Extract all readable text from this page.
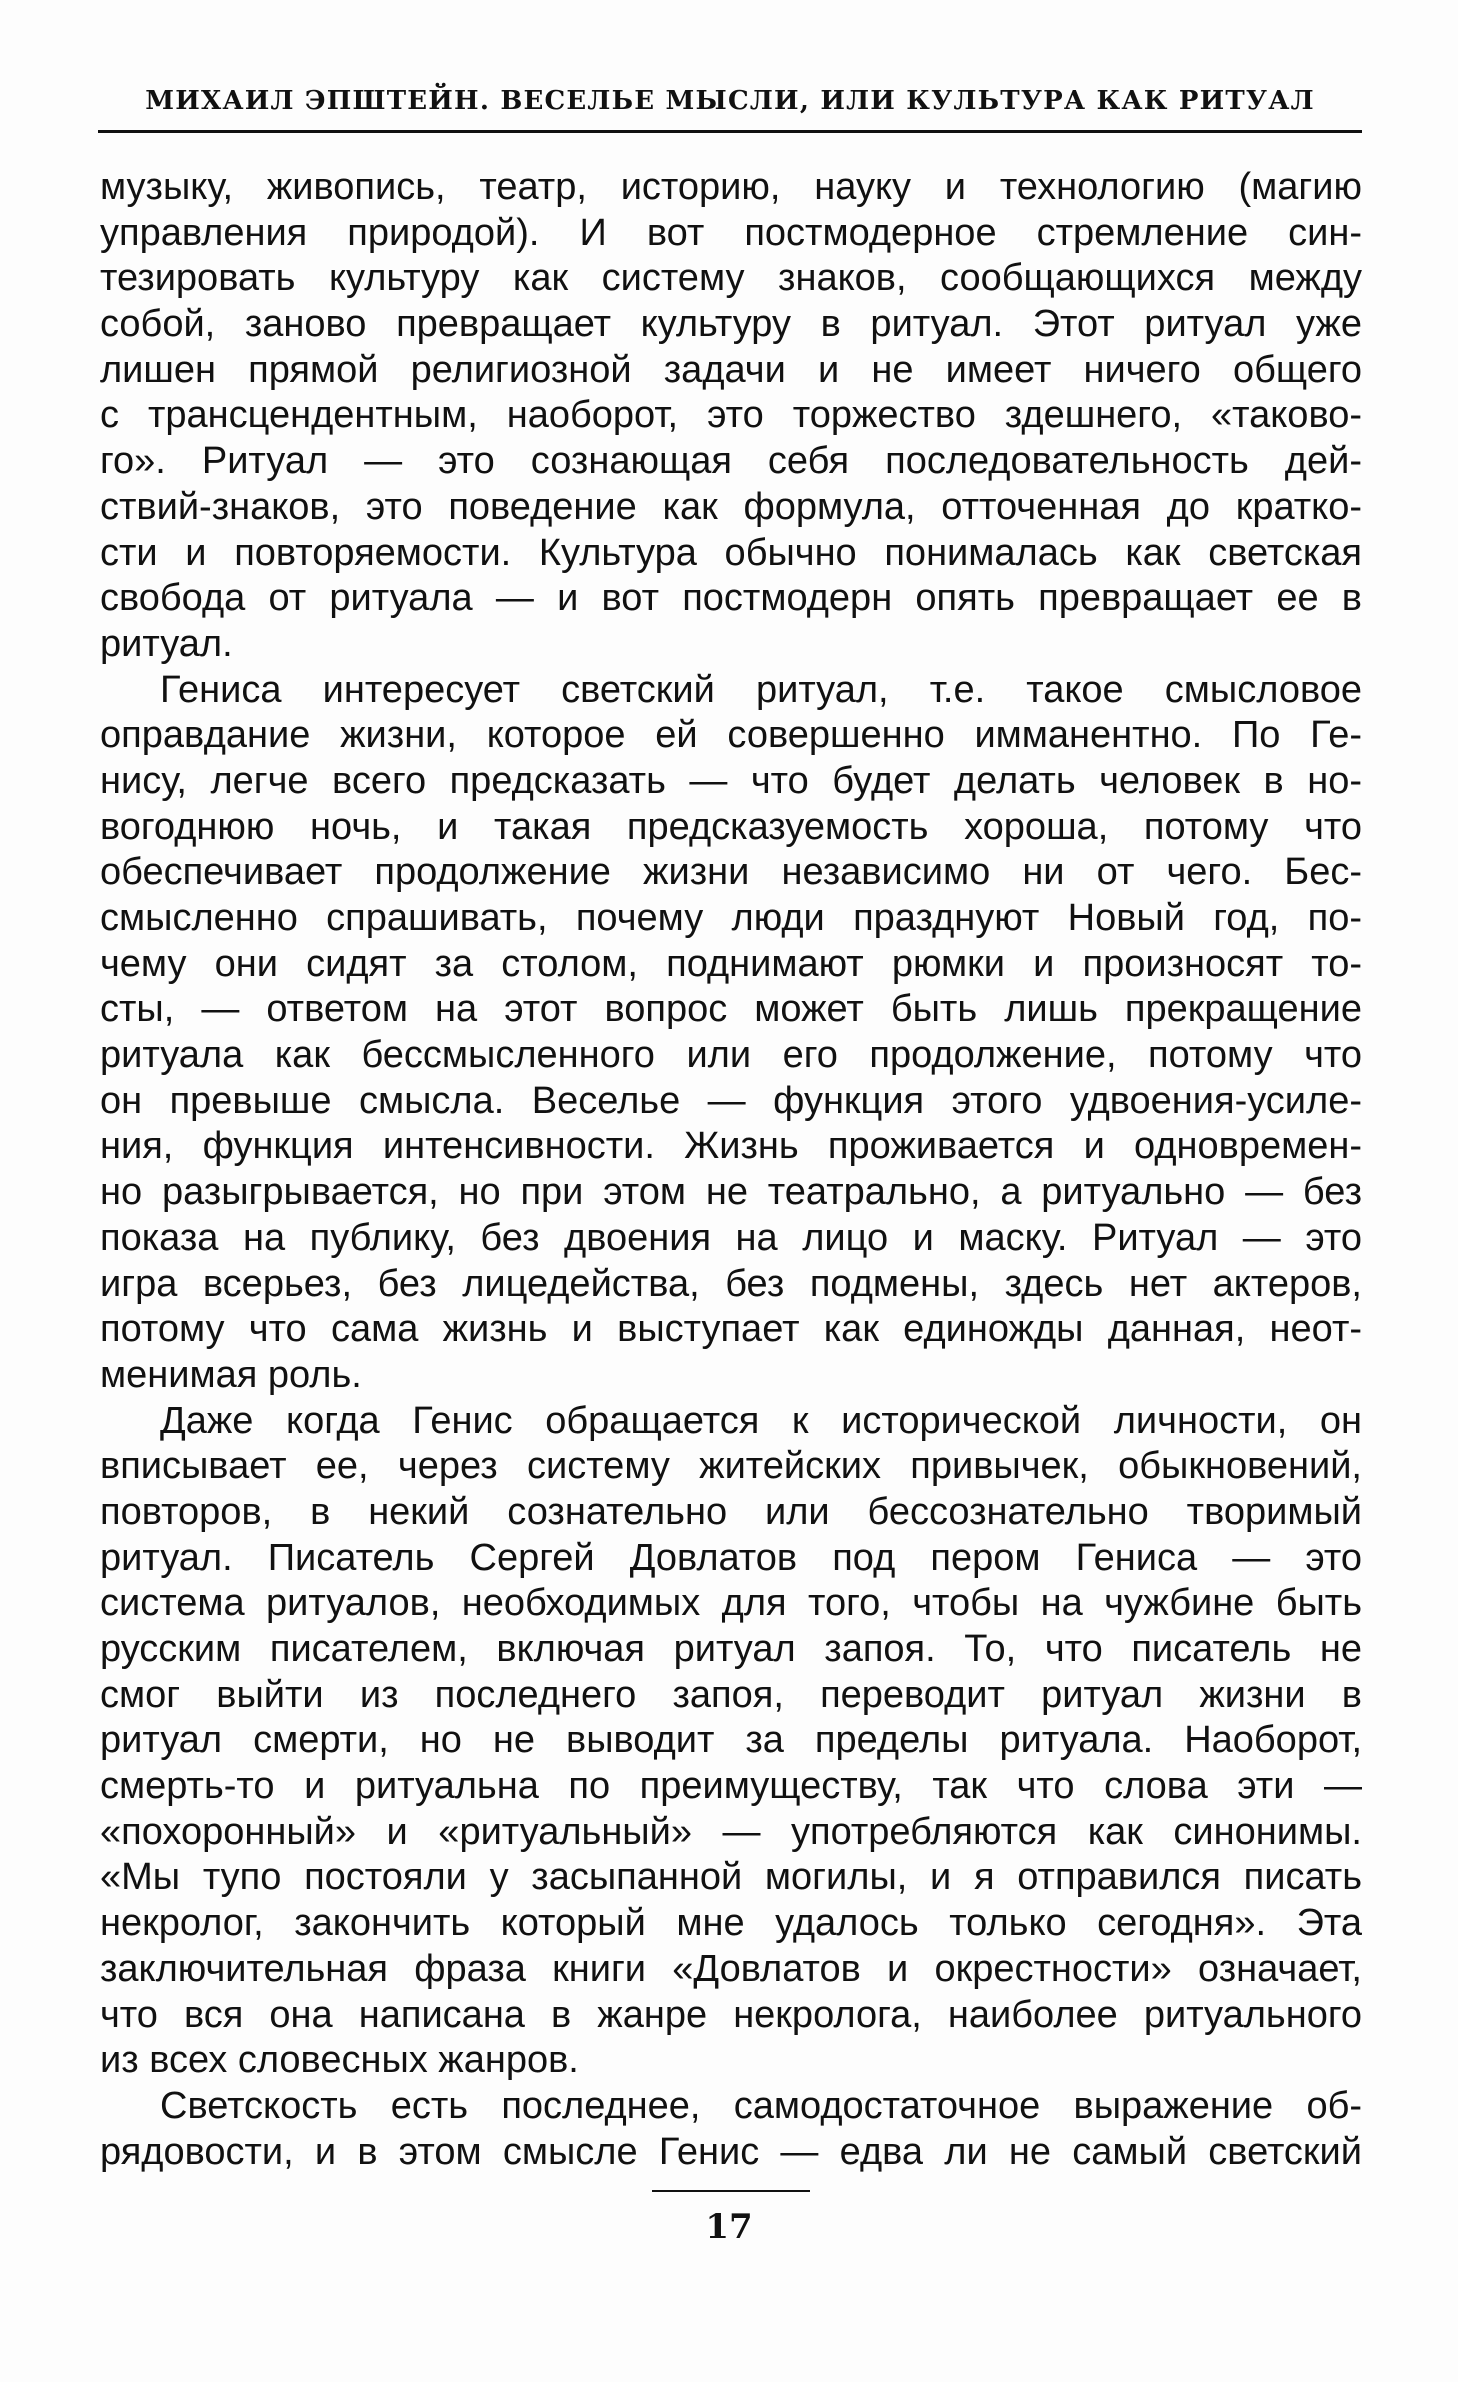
МИХАИЛ ЭПШТЕЙН. ВЕСЕЛЬЕ МЫСЛИ, ИЛИ КУЛЬТУРА КАК РИТУАЛ
музыку, живопись, театр, историю, науку и технологию (магию
управления природой). И вот постмодерное стремление син-
тезировать культуру как систему знаков, сообщающихся между
собой, заново превращает культуру в ритуал. Этот ритуал уже
лишен прямой религиозной задачи и не имеет ничего общего
с трансцендентным, наоборот, это торжество здешнего, «таково-
го». Ритуал — это сознающая себя последовательность дей-
ствий-знаков, это поведение как формула, отточенная до кратко-
сти и повторяемости. Культура обычно понималась как светская
свобода от ритуала — и вот постмодерн опять превращает ее в
ритуал.
Гениса интересует светский ритуал, т.е. такое смысловое
оправдание жизни, которое ей совершенно имманентно. По Ге-
нису, легче всего предсказать — что будет делать человек в но-
вогоднюю ночь, и такая предсказуемость хороша, потому что
обеспечивает продолжение жизни независимо ни от чего. Бес-
смысленно спрашивать, почему люди празднуют Новый год, по-
чему они сидят за столом, поднимают рюмки и произносят то-
сты, — ответом на этот вопрос может быть лишь прекращение
ритуала как бессмысленного или его продолжение, потому что
он превыше смысла. Веселье — функция этого удвоения-усиле-
ния, функция интенсивности. Жизнь проживается и одновремен-
но разыгрывается, но при этом не театрально, а ритуально — без
показа на публику, без двоения на лицо и маску. Ритуал — это
игра всерьез, без лицедейства, без подмены, здесь нет актеров,
потому что сама жизнь и выступает как единожды данная, неот-
менимая роль.
Даже когда Генис обращается к исторической личности, он
вписывает ее, через систему житейских привычек, обыкновений,
повторов, в некий сознательно или бессознательно творимый
ритуал. Писатель Сергей Довлатов под пером Гениса — это
система ритуалов, необходимых для того, чтобы на чужбине быть
русским писателем, включая ритуал запоя. То, что писатель не
смог выйти из последнего запоя, переводит ритуал жизни в
ритуал смерти, но не выводит за пределы ритуала. Наоборот,
смерть-то и ритуальна по преимуществу, так что слова эти —
«похоронный» и «ритуальный» — употребляются как синонимы.
«Мы тупо постояли у засыпанной могилы, и я отправился писать
некролог, закончить который мне удалось только сегодня». Эта
заключительная фраза книги «Довлатов и окрестности» означает,
что вся она написана в жанре некролога, наиболее ритуального
из всех словесных жанров.
Светскость есть последнее, самодостаточное выражение об-
рядовости, и в этом смысле Генис — едва ли не самый светский
17
